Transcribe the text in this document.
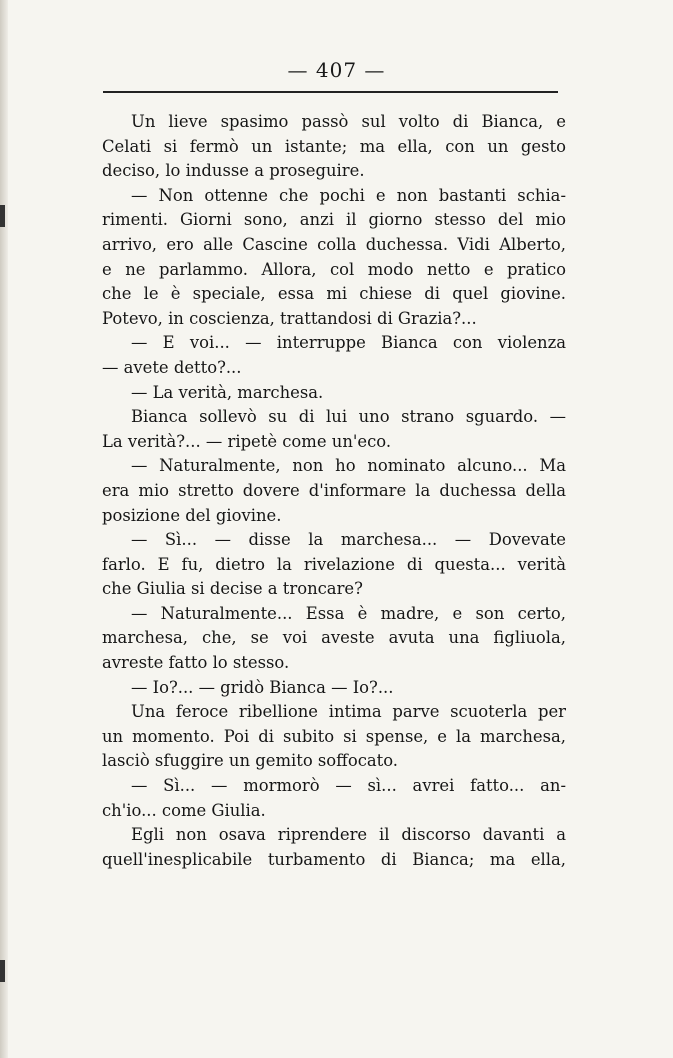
— 407 —
Un lieve spasimo passò sul volto di Bianca, e
Celati si fermò un istante; ma ella, con un gesto
deciso, lo indusse a proseguire.
— Non ottenne che pochi e non bastanti schia-
rimenti. Giorni sono, anzi il giorno stesso del mio
arrivo, ero alle Cascine colla duchessa. Vidi Alberto,
e ne parlammo. Allora, col modo netto e pratico
che le è speciale, essa mi chiese di quel giovine.
Potevo, in coscienza, trattandosi di Grazia?...
— E voi... — interruppe Bianca con violenza
— avete detto?...
— La verità, marchesa.
Bianca sollevò su di lui uno strano sguardo. —
La verità?... — ripetè come un'eco.
— Naturalmente, non ho nominato alcuno... Ma
era mio stretto dovere d'informare la duchessa della
posizione del giovine.
— Sì... — disse la marchesa... — Dovevate
farlo. E fu, dietro la rivelazione di questa... verità
che Giulia si decise a troncare?
— Naturalmente... Essa è madre, e son certo,
marchesa, che, se voi aveste avuta una figliuola,
avreste fatto lo stesso.
— Io?... — gridò Bianca — Io?...
Una feroce ribellione intima parve scuoterla per
un momento. Poi di subito si spense, e la marchesa,
lasciò sfuggire un gemito soffocato.
— Sì... — mormorò — sì... avrei fatto... an-
ch'io... come Giulia.
Egli non osava riprendere il discorso davanti a
quell'inesplicabile turbamento di Bianca; ma ella,
